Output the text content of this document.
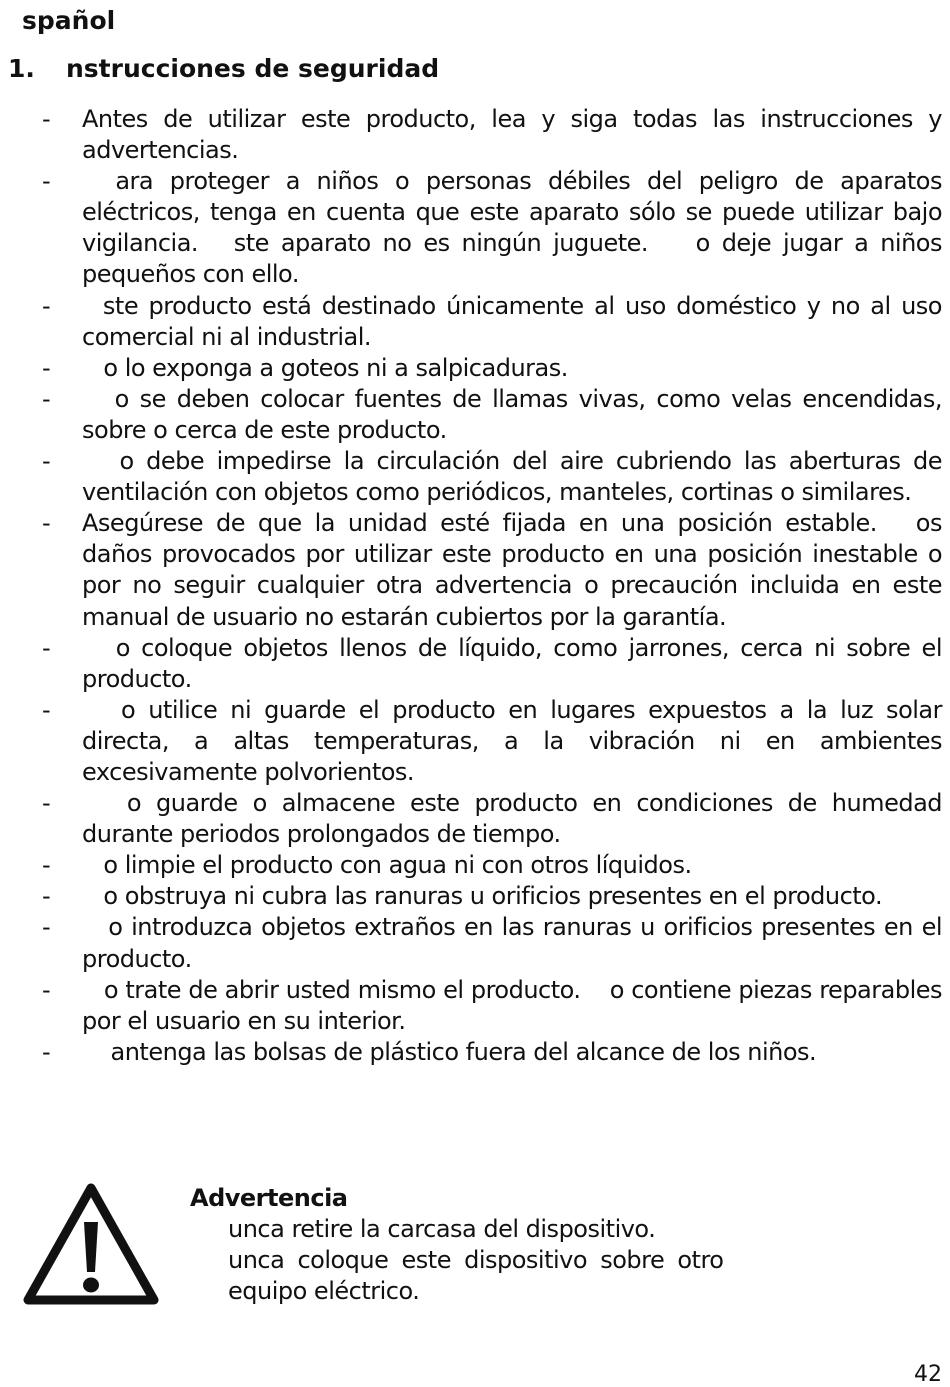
spañol
1. nstrucciones de seguridad
- Antes de utilizar este producto, lea y siga todas las instrucciones y advertencias.
- ara proteger a niños o personas débiles del peligro de aparatos eléctricos, tenga en cuenta que este aparato sólo se puede utilizar bajo vigilancia.   ste aparato no es ningún juguete.    o deje jugar a niños pequeños con ello.
- ste producto está destinado únicamente al uso doméstico y no al uso comercial ni al industrial.
- o lo exponga a goteos ni a salpicaduras.
- o se deben colocar fuentes de llamas vivas, como velas encendidas, sobre o cerca de este producto.
- o debe impedirse la circulación del aire cubriendo las aberturas de ventilación con objetos como periódicos, manteles, cortinas o similares.
- Asegúrese de que la unidad esté fijada en una posición estable.   os daños provocados por utilizar este producto en una posición inestable o por no seguir cualquier otra advertencia o precaución incluida en este manual de usuario no estarán cubiertos por la garantía.
- o coloque objetos llenos de líquido, como jarrones, cerca ni sobre el producto.
- o utilice ni guarde el producto en lugares expuestos a la luz solar directa, a altas temperaturas, a la vibración ni en ambientes excesivamente polvorientos.
- o guarde o almacene este producto en condiciones de humedad durante periodos prolongados de tiempo.
- o limpie el producto con agua ni con otros líquidos.
- o obstruya ni cubra las ranuras u orificios presentes en el producto.
- o introduzca objetos extraños en las ranuras u orificios presentes en el producto.
- o trate de abrir usted mismo el producto.    o contiene piezas reparables por el usuario en su interior.
- antenga las bolsas de plástico fuera del alcance de los niños.
Advertencia
unca retire la carcasa del dispositivo.
unca coloque este dispositivo sobre otro
equipo eléctrico.
42
